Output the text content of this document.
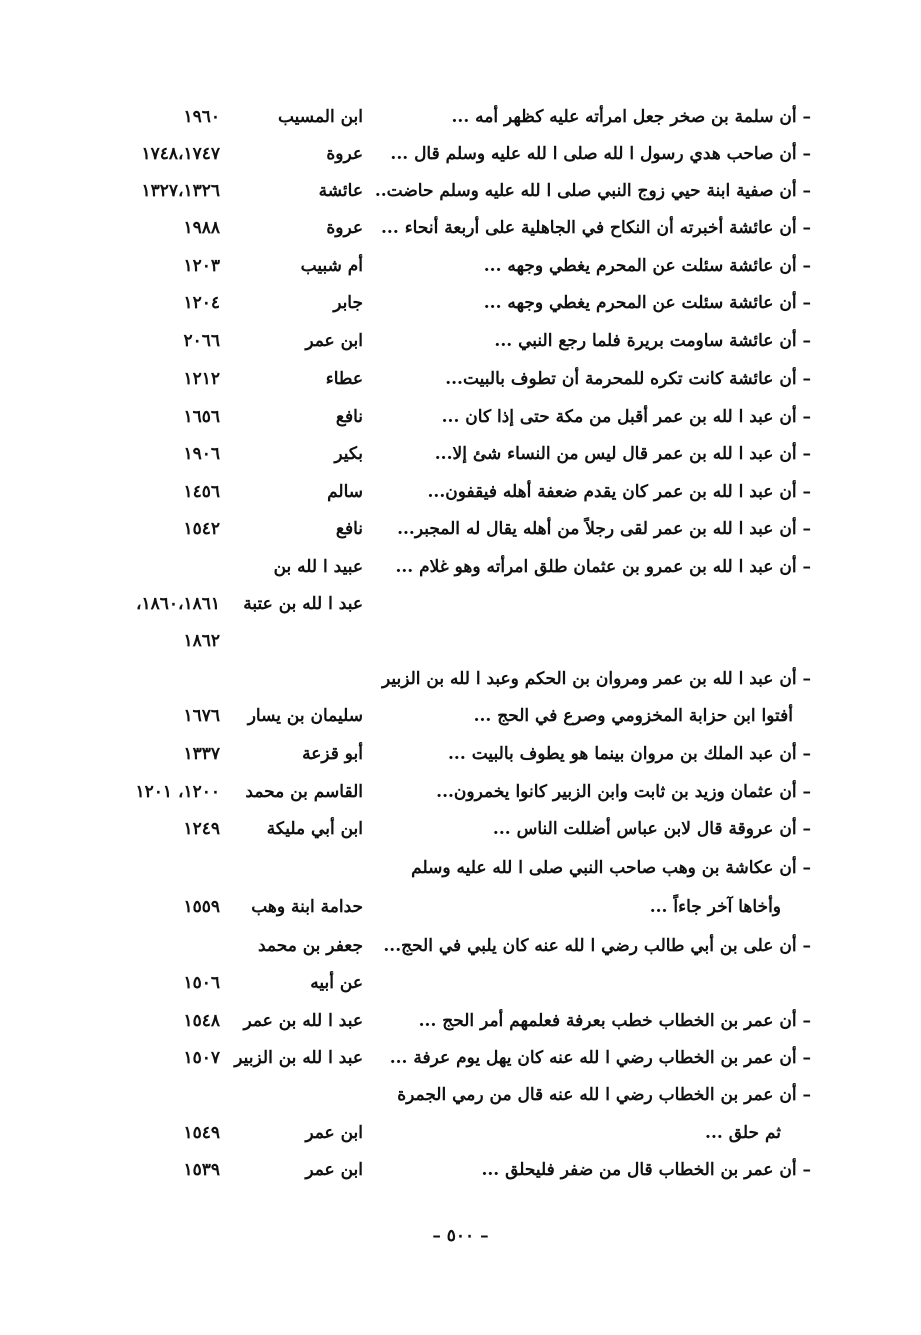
– أن سلمة بن صخر جعل امرأته عليه كظهر أمه ...
ابن المسيب
١٩٦٠
– أن صاحب هدي رسول ا لله صلى ا لله عليه وسلم قال ...
عروة
١٧٤٨،١٧٤٧
– أن صفية ابنة حيي زوج النبي صلى ا لله عليه وسلم حاضت..
عائشة
١٣٢٧،١٣٢٦
– أن عائشة أخبرته أن النكاح في الجاهلية على أربعة أنحاء ...
عروة
١٩٨٨
– أن عائشة سئلت عن المحرم يغطي وجهه ...
أم شبيب
١٢٠٣
– أن عائشة سئلت عن المحرم يغطي وجهه ...
جابر
١٢٠٤
– أن عائشة ساومت بريرة فلما رجع النبي ...
ابن عمر
٢٠٦٦
– أن عائشة كانت تكره للمحرمة أن تطوف بالبيت...
عطاء
١٢١٢
– أن عبد ا لله بن عمر أقبل من مكة حتى إذا كان ...
نافع
١٦٥٦
– أن عبد ا لله بن عمر قال ليس من النساء شئ إلا...
بكير
١٩٠٦
– أن عبد ا لله بن عمر كان يقدم ضعفة أهله فيقفون...
سالم
١٤٥٦
– أن عبد ا لله بن عمر لقى رجلاً من أهله يقال له المجبر...
نافع
١٥٤٢
– أن عبد ا لله بن عمرو بن عثمان طلق امرأته وهو غلام ...
عبيد ا لله بن
عبد ا لله بن عتبة
١٨٦٠،١٨٦١،
١٨٦٢
– أن عبد ا لله بن عمر ومروان بن الحكم وعبد ا لله بن الزبير
أفتوا ابن حزابة المخزومي وصرع في الحج ...
سليمان بن يسار
١٦٧٦
– أن عبد الملك بن مروان بينما هو يطوف بالبيت ...
أبو قزعة
١٣٣٧
– أن عثمان وزيد بن ثابت وابن الزبير كانوا يخمرون...
القاسم بن محمد
١٢٠٠، ١٢٠١
– أن عروقة قال لابن عباس أضللت الناس ...
ابن أبي مليكة
١٢٤٩
– أن عكاشة بن وهب صاحب النبي صلى ا لله عليه وسلم
وأخاها آخر جاءاً ...
حدامة ابنة وهب
١٥٥٩
– أن على بن أبي طالب رضي ا لله عنه كان يلبي في الحج...
جعفر بن محمد
عن أبيه
١٥٠٦
– أن عمر بن الخطاب خطب بعرفة فعلمهم أمر الحج ...
عبد ا لله بن عمر
١٥٤٨
– أن عمر بن الخطاب رضي ا لله عنه كان يهل يوم عرفة ...
عبد ا لله بن الزبير
١٥٠٧
– أن عمر بن الخطاب رضي ا لله عنه قال من رمي الجمرة
ثم حلق ...
ابن عمر
١٥٤٩
– أن عمر بن الخطاب قال من ضفر فليحلق ...
ابن عمر
١٥٣٩
– ٥٠٠ –
